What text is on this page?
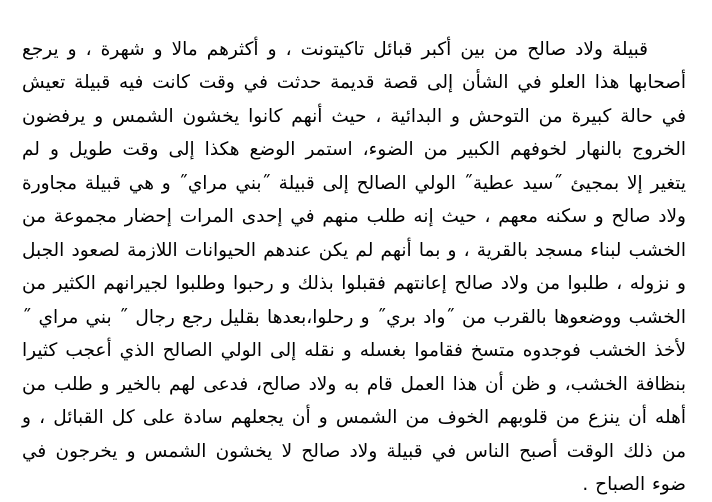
قبيلة ولاد صالح من بين أكبر قبائل تاكيتونت ، و أكثرهم مالا و شهرة ، و يرجع أصحابها هذا العلو في الشأن إلى قصة قديمة حدثت في وقت كانت فيه قبيلة تعيش في حالة كبيرة من التوحش و البدائية ، حيث أنهم كانوا يخشون الشمس و يرفضون الخروج بالنهار لخوفهم الكبير من الضوء، استمر الوضع هكذا إلى وقت طويل و لم يتغير إلا بمجيئ ˝سيد عطية˝ الولي الصالح إلى قبيلة ˝بني مراي˝ و هي قبيلة مجاورة ولاد صالح و سكنه معهم ، حيث إنه طلب منهم في إحدى المرات إحضار مجموعة من الخشب لبناء مسجد بالقرية ، و بما أنهم لم يكن عندهم الحيوانات اللازمة لصعود الجبل و نزوله ، طلبوا من ولاد صالح إعانتهم فقبلوا بذلك و رحبوا وطلبوا لجيرانهم الكثير من الخشب ووضعوها بالقرب من ˝واد بري˝ و رحلوا،بعدها بقليل رجع رجال ˝ بني مراي ˝ لأخذ الخشب فوجدوه متسخ فقاموا بغسله و نقله إلى الولي الصالح الذي أعجب كثيرا بنظافة الخشب، و ظن أن هذا العمل قام به ولاد صالح، فدعى لهم بالخير و طلب من أهله أن ينزع من قلوبهم الخوف من الشمس و أن يجعلهم سادة على كل القبائل ، و من ذلك الوقت أصبح الناس في قبيلة ولاد صالح لا يخشون الشمس و يخرجون في ضوء الصباح .
